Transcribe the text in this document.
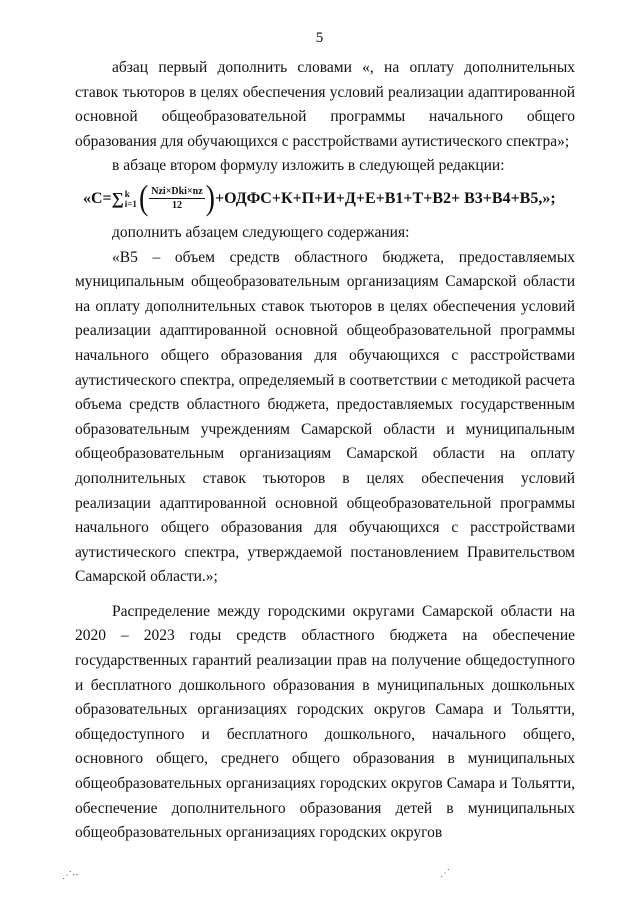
5

абзац первый дополнить словами «, на оплату дополнительных ставок тьюторов в целях обеспечения условий реализации адаптированной основной общеобразовательной программы начального общего образования для обучающихся с расстройствами аутистического спектра»;

в абзаце втором формулу изложить в следующей редакции:

«С= ∑ k
i=1 ( $\frac{\text{Nzi×Dki×nz}}{12}$ ) +ОДФС+К+П+И+Д+Е+В1+Т+В2+ В3+В4+В5,»;

дополнить абзацем следующего содержания:

«В5 – объем средств областного бюджета, предоставляемых муниципальным общеобразовательным организациям Самарской области на оплату дополнительных ставок тьюторов в целях обеспечения условий реализации адаптированной основной общеобразовательной программы начального общего образования для обучающихся с расстройствами аутистического спектра, определяемый в соответствии с методикой расчета объема средств областного бюджета, предоставляемых государственным образовательным учреждениям Самарской области и муниципальным общеобразовательным организациям Самарской области на оплату дополнительных ставок тьюторов в целях обеспечения условий реализации адаптированной основной общеобразовательной программы начального общего образования для обучающихся с расстройствами аутистического спектра, утверждаемой постановлением Правительством Самарской области.»;

Распределение между городскими округами Самарской области на 2020 – 2023 годы средств областного бюджета на обеспечение государственных гарантий реализации прав на получение общедоступного и бесплатного дошкольного образования в муниципальных дошкольных образовательных организациях городских округов Самара и Тольятти, общедоступного и бесплатного дошкольного, начального общего, основного общего, среднего общего образования в муниципальных общеобразовательных организациях городских округов Самара и Тольятти, обеспечение дополнительного образования детей в муниципальных общеобразовательных организациях городских округов

⋰⋅⋅	⋰
